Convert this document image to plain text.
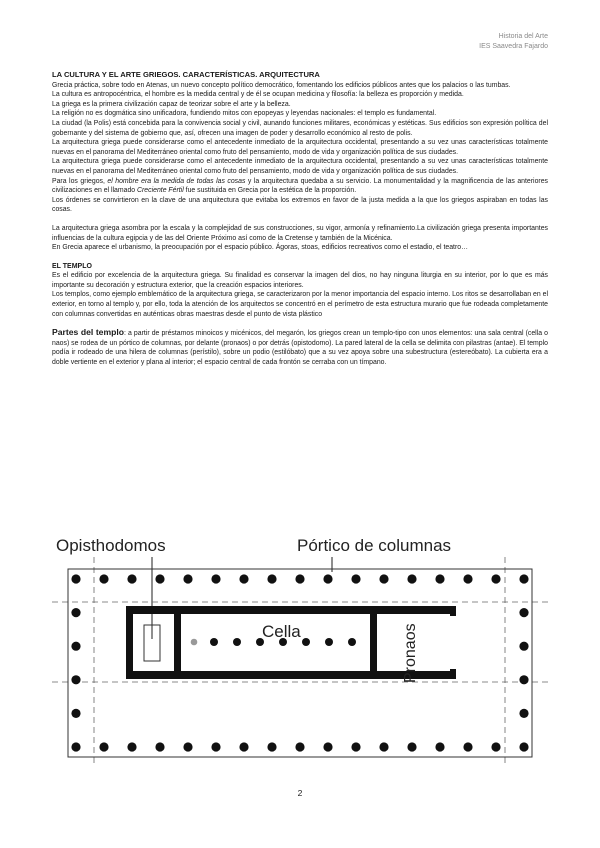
Historia del Arte
IES Saavedra Fajardo

LA CULTURA Y EL ARTE GRIEGOS. CARACTERÍSTICAS. ARQUITECTURA

Grecia práctica, sobre todo en Atenas, un nuevo concepto político democrático, fomentando los edificios públicos antes que los palacios o las tumbas.

La cultura es antropocéntrica, el hombre es la medida central y de él se ocupan medicina y filosofía: la belleza es proporción y medida.

La griega es la primera civilización capaz de teorizar sobre el arte y la belleza.

La religión no es dogmática sino unificadora, fundiendo mitos con epopeyas y leyendas nacionales: el templo es fundamental.

La ciudad (la Polis) está concebida para la convivencia social y civil, aunando funciones militares, económicas y estéticas. Sus edificios son expresión política del gobernante y del sistema de gobierno que, así, ofrecen una imagen de poder y desarrollo económico al resto de polis.

La arquitectura griega puede considerarse como el antecedente inmediato de la arquitectura occidental, presentando a su vez unas características totalmente nuevas en el panorama del Mediterráneo oriental como fruto del pensamiento, modo de vida y organización política de sus ciudades.

La arquitectura griega puede considerarse como el antecedente inmediato de la arquitectura occidental, presentando a su vez unas características totalmente nuevas en el panorama del Mediterráneo oriental como fruto del pensamiento, modo de vida y organización política de sus ciudades.

Para los griegos, el hombre era la medida de todas las cosas y la arquitectura quedaba a su servicio. La monumentalidad y la magnificencia de las anteriores civilizaciones en el llamado Creciente Fértil fue sustituida en Grecia por la estética de la proporción.

Los órdenes se convirtieron en la clave de una arquitectura que evitaba los extremos en favor de la justa medida a la que los griegos aspiraban en todas las cosas.

La arquitectura griega asombra por la escala y la complejidad de sus construcciones, su vigor, armonía y refinamiento.La civilización griega presenta importantes influencias de la cultura egipcia y de las del Oriente Próximo así como de la Cretense y también de la Micénica.

En Grecia aparece el urbanismo, la preocupación por el espacio público. Ágoras, stoas, edificios recreativos como el estadio, el teatro…

EL TEMPLO

Es el edificio por excelencia de la arquitectura griega. Su finalidad es conservar la imagen del dios, no hay ninguna liturgia en su interior, por lo que es más importante su decoración y estructura exterior, que la creación espacios interiores.

Los templos, como ejemplo emblemático de la arquitectura griega, se caracterizaron por la menor importancia del espacio interno. Los ritos se desarrollaban en el exterior, en torno al templo y, por ello, toda la atención de los arquitectos se concentró en el perímetro de esta estructura murario que fue rodeada completamente con columnas convertidas en auténticas obras maestras desde el punto de vista plástico

Partes del templo: a partir de préstamos minoicos y micénicos, del megarón, los griegos crean un templo-tipo con unos elementos: una sala central (cella o naos) se rodea de un pórtico de columnas, por delante (pronaos) o por detrás (opistodomo). La pared lateral de la cella se delimita con pilastras (antae). El templo podía ir rodeado de una hilera de columnas (perístilo), sobre un podio (estilóbato) que a su vez apoya sobre una subestructura (estereóbato). La cubierta era a doble vertiente en el exterior y plana al interior; el espacio central de cada frontón se cerraba con un tímpano.

Opisthodomos	Pórtico de columnas
Cella	Pronaos
2
